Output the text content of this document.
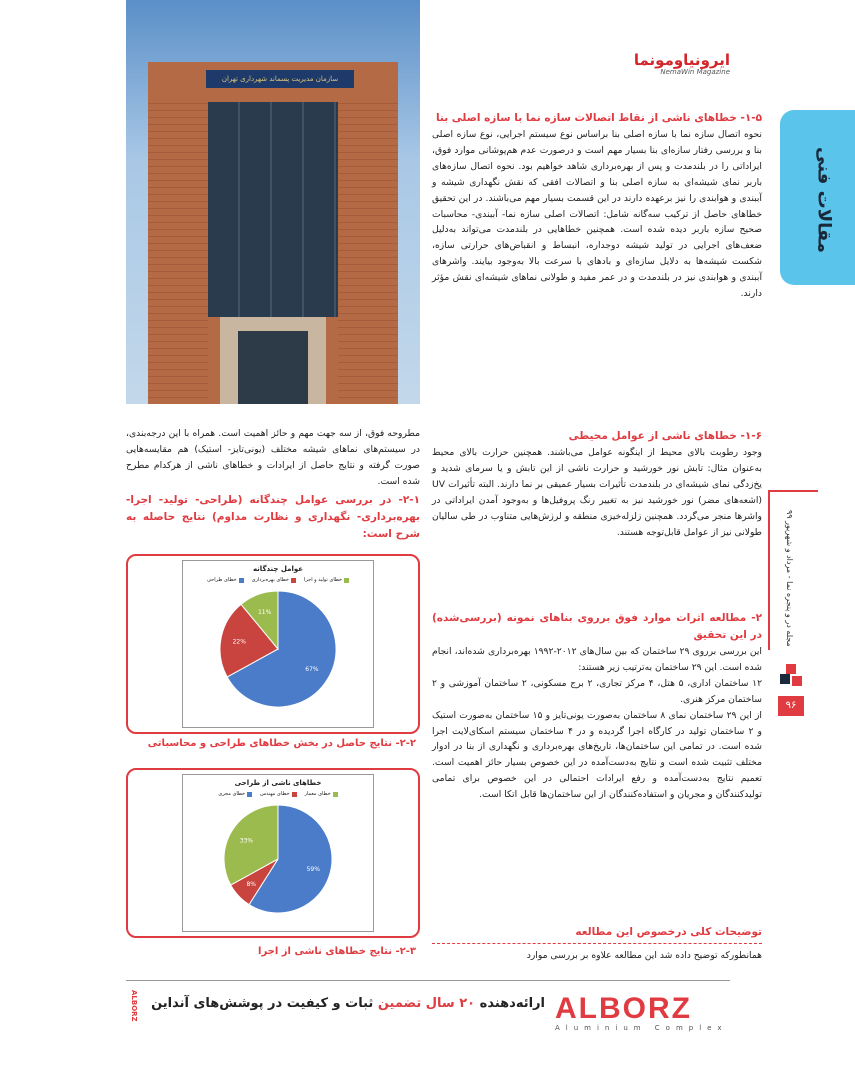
سازمان مدیریت پسماند شهرداری تهران
ایرونیاومونما
NemaWin Magazine
مقالات فنی
۱-۵- خطاهای ناشی از نقاط اتصالات سازه نما با سازه اصلی بنا

نحوه اتصال سازه نما با سازه اصلی بنا براساس نوع سیستم اجرایی، نوع سازه اصلی بنا و بررسی رفتار سازه‌ای بنا بسیار مهم است و درصورت عدم هم‌پوشانی موارد فوق، ایراداتی را در بلندمدت و پس از بهره‌برداری شاهد خواهیم بود. نحوه اتصال سازه‌های باربر نمای شیشه‌ای به سازه اصلی بنا و اتصالات افقی که نقش نگهداری شیشه و آببندی و هوابندی را نیز برعهده دارند در این قسمت بسیار مهم می‌باشند. در این تحقیق خطاهای حاصل از ترکیب سه‌گانه شامل: اتصالات اصلی سازه نما- آببندی- محاسبات صحیح سازه باربر دیده شده است. همچنین خطاهایی در بلندمدت می‌تواند به‌دلیل ضعف‌های اجرایی در تولید شیشه دوجداره، انبساط و انقباض‌های حرارتی سازه، شکست شیشه‌ها به دلایل سازه‌ای و بادهای با سرعت بالا به‌وجود بیایند. واشرهای آببندی و هوابندی نیز در بلندمدت و در عمر مفید و طولانی نماهای شیشه‌ای نقش مؤثر دارند.

۱-۶- خطاهای ناشی از عوامل محیطی

وجود رطوبت بالای محیط از اینگونه عوامل می‌باشند. همچنین حرارت بالای محیط به‌عنوان مثال: تابش نور خورشید و حرارت ناشی از این تابش و یا سرمای شدید و یخ‌زدگی نمای شیشه‌ای در بلندمدت تأثیرات بسیار عمیقی بر نما دارند. البته تأثیرات UV (اشعه‌های مضر) نور خورشید نیز به تغییر رنگ پروفیل‌ها و به‌وجود آمدن ایراداتی در واشرها منجر می‌گردد. همچنین زلزله‌خیزی منطقه و لرزش‌هایی متناوب در طی سالیان طولانی نیز از عوامل قابل‌توجه هستند.

۲- مطالعه اثرات موارد فوق برروی بناهای نمونه (بررسی‌شده) در این تحقیق

این بررسی برروی ۲۹ ساختمان که بین سال‌های ۲۰۱۲-۱۹۹۲ بهره‌برداری شده‌اند، انجام شده است. این ۲۹ ساختمان به‌ترتیب زیر هستند:

۱۲ ساختمان اداری، ۵ هتل، ۴ مرکز تجاری، ۲ برج مسکونی، ۲ ساختمان آموزشی و ۲ ساختمان مرکز هنری.

از این ۲۹ ساختمان نمای ۸ ساختمان به‌صورت یونی‌تایز و ۱۵ ساختمان به‌صورت استیک و ۲ ساختمان تولید در کارگاه اجرا گردیده و در ۴ ساختمان سیستم اسکای‌لایت اجرا شده است. در تمامی این ساختمان‌ها، تاریخ‌های بهره‌برداری و نگهداری از بنا در ادوار مختلف تثبیت شده است و نتایج به‌دست‌آمده در این خصوص بسیار حائز اهمیت است. تعمیم نتایج به‌دست‌آمده و رفع ایرادات احتمالی در این خصوص برای تمامی تولیدکنندگان و مجریان و استفاده‌کنندگان از این ساختمان‌ها قابل اتکا است.

توضیحات کلی درخصوص این مطالعه

همانطورکه توضیح داده شد این مطالعه علاوه بر بررسی موارد

مطروحه فوق، از سه جهت مهم و حائز اهمیت است. همراه با این درجه‌بندی، در سیستم‌های نماهای شیشه مختلف (یونی‌تایز- استیک) هم مقایسه‌هایی صورت گرفته و نتایج حاصل از ایرادات و خطاهای ناشی از هرکدام مطرح شده است.

۲-۱- در بررسی عوامل چندگانه (طراحی- تولید- اجرا- بهره‌برداری- نگهداری و نظارت مداوم) نتایج حاصله به شرح است:
عوامل چندگانه
خطای تولید و اجرا
خطای بهره‌برداری
خطای طراحی
67%
22%
11%
۲-۲- نتایج حاصل در بخش خطاهای طراحی و محاسباتی
خطاهای ناشی از طراحی
خطای معمار
خطای مهندس
خطای مجری
59%
8%
33%
۲-۳- نتایج خطاهای ناشی از اجرا
مجله در و پنجره نما - مرداد و شهریور ۹۹
۹۶
ALBORZ	ارائه‌دهنده ۲۰ سال تضمین ثبات و کیفیت در پوشش‌های آنداین	ALBORZ
Aluminium Complex
